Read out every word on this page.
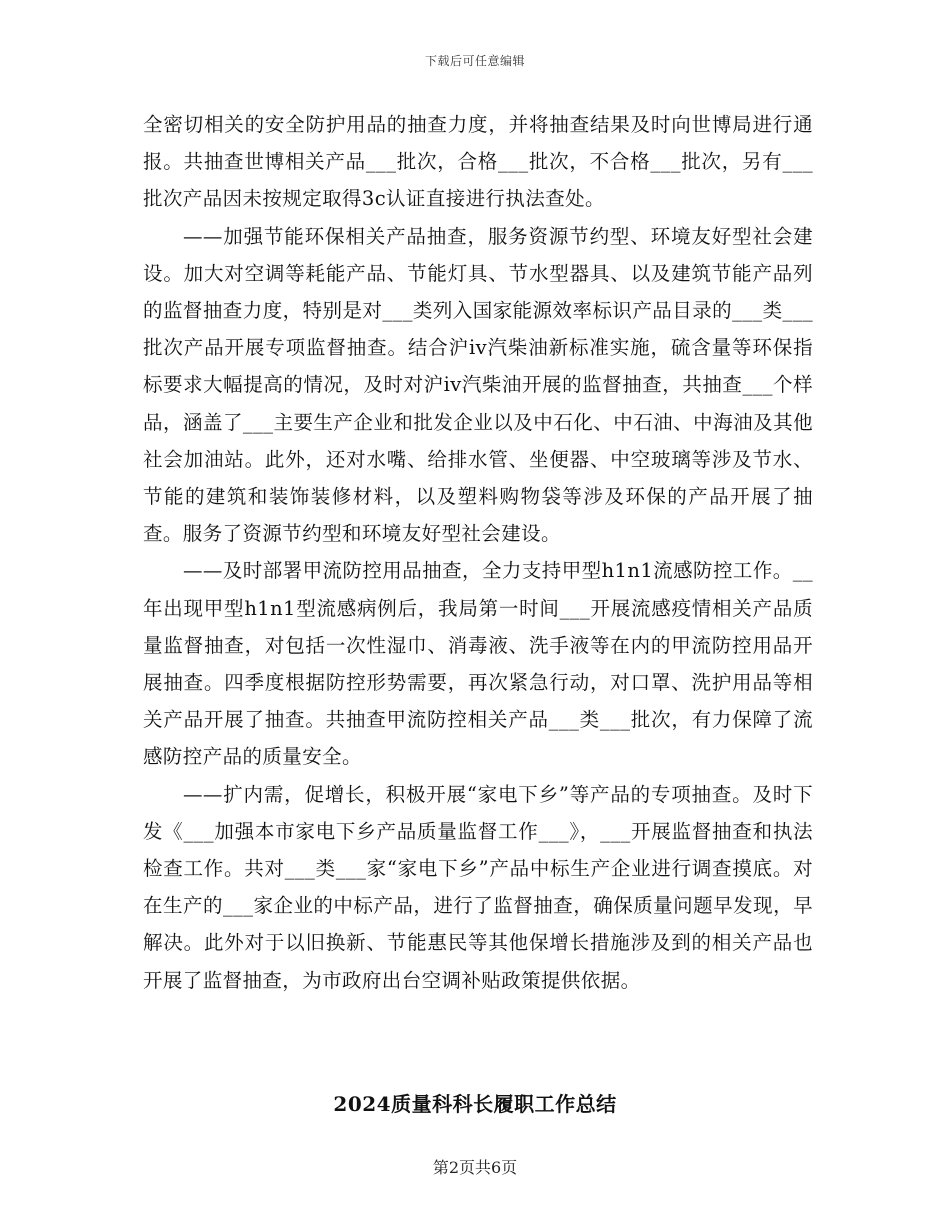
下载后可任意编辑

全密切相关的安全防护用品的抽查力度，并将抽查结果及时向世博局进行通报。共抽查世博相关产品___批次，合格___批次，不合格___批次，另有___批次产品因未按规定取得3c认证直接进行执法查处。

——加强节能环保相关产品抽查，服务资源节约型、环境友好型社会建设。加大对空调等耗能产品、节能灯具、节水型器具、以及建筑节能产品列的监督抽查力度，特别是对___类列入国家能源效率标识产品目录的___类___批次产品开展专项监督抽查。结合沪iv汽柴油新标准实施，硫含量等环保指标要求大幅提高的情况，及时对沪iv汽柴油开展的监督抽查，共抽查___个样品，涵盖了___主要生产企业和批发企业以及中石化、中石油、中海油及其他社会加油站。此外，还对水嘴、给排水管、坐便器、中空玻璃等涉及节水、节能的建筑和装饰装修材料，以及塑料购物袋等涉及环保的产品开展了抽查。服务了资源节约型和环境友好型社会建设。

——及时部署甲流防控用品抽查，全力支持甲型h1n1流感防控工作。__年出现甲型h1n1型流感病例后，我局第一时间___开展流感疫情相关产品质量监督抽查，对包括一次性湿巾、消毒液、洗手液等在内的甲流防控用品开展抽查。四季度根据防控形势需要，再次紧急行动，对口罩、洗护用品等相关产品开展了抽查。共抽查甲流防控相关产品___类___批次，有力保障了流感防控产品的质量安全。

——扩内需，促增长，积极开展“家电下乡”等产品的专项抽查。及时下发《___加强本市家电下乡产品质量监督工作___》，___开展监督抽查和执法检查工作。共对___类___家“家电下乡”产品中标生产企业进行调查摸底。对在生产的___家企业的中标产品，进行了监督抽查，确保质量问题早发现，早解决。此外对于以旧换新、节能惠民等其他保增长措施涉及到的相关产品也开展了监督抽查，为市政府出台空调补贴政策提供依据。

2024质量科科长履职工作总结
第2页共6页
